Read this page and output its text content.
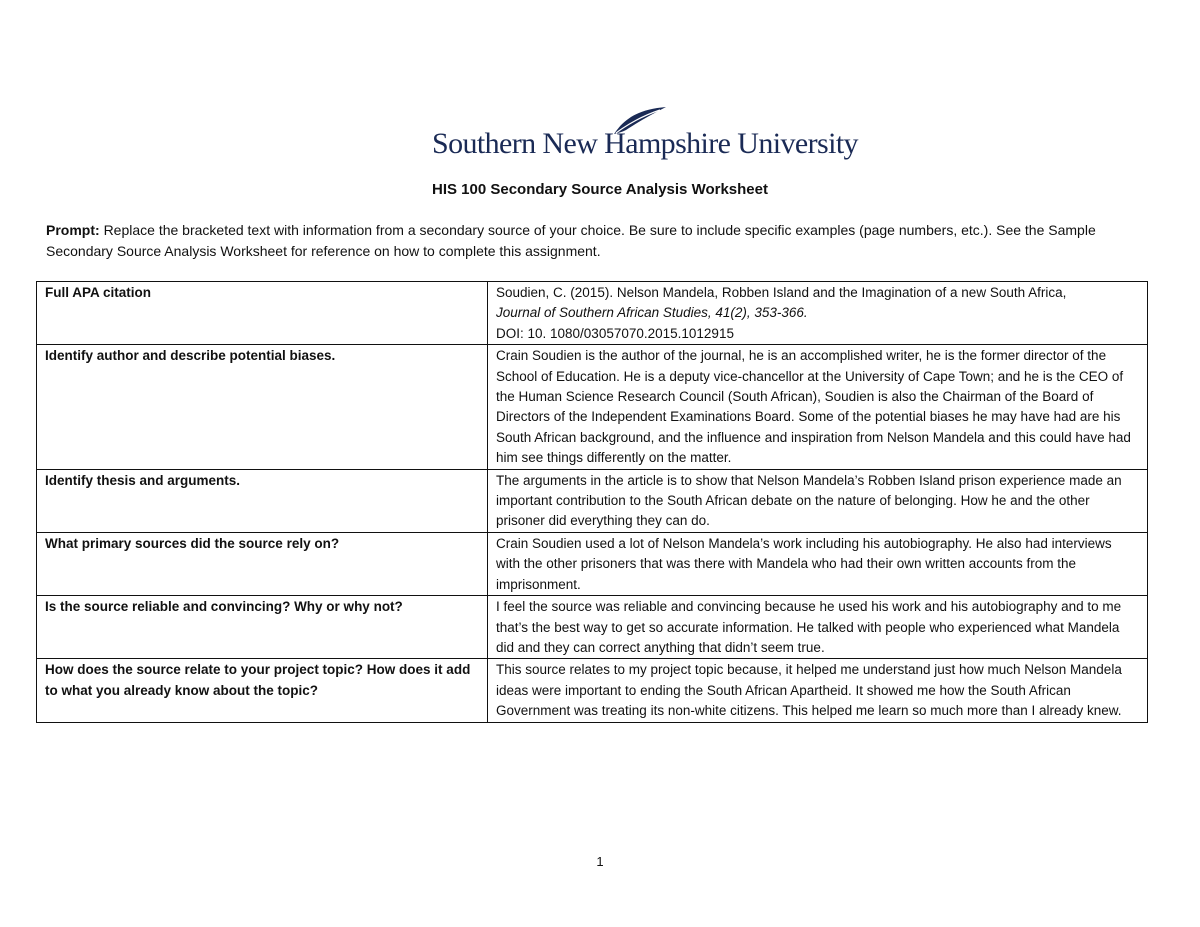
Southern New Hampshire University
HIS 100 Secondary Source Analysis Worksheet
Prompt: Replace the bracketed text with information from a secondary source of your choice. Be sure to include specific examples (page numbers, etc.). See the Sample Secondary Source Analysis Worksheet for reference on how to complete this assignment.
Full APA citation	Soudien, C. (2015). Nelson Mandela, Robben Island and the Imagination of a new South Africa,
Journal of Southern African Studies, 41(2), 353-366.
DOI: 10. 1080/03057070.2015.1012915

Identify author and describe potential biases.	Crain Soudien is the author of the journal, he is an accomplished writer, he is the former director of the School of Education. He is a deputy vice-chancellor at the University of Cape Town; and he is the CEO of the Human Science Research Council (South African), Soudien is also the Chairman of the Board of Directors of the Independent Examinations Board. Some of the potential biases he may have had are his South African background, and the influence and inspiration from Nelson Mandela and this could have had him see things differently on the matter.
Identify thesis and arguments.	The arguments in the article is to show that Nelson Mandela’s Robben Island prison experience made an important contribution to the South African debate on the nature of belonging. How he and the other prisoner did everything they can do.
What primary sources did the source rely on?	Crain Soudien used a lot of Nelson Mandela’s work including his autobiography. He also had interviews with the other prisoners that was there with Mandela who had their own written accounts from the imprisonment.
Is the source reliable and convincing? Why or why not?	I feel the source was reliable and convincing because he used his work and his autobiography and to me that’s the best way to get so accurate information. He talked with people who experienced what Mandela did and they can correct anything that didn’t seem true.
How does the source relate to your project topic? How does it add to what you already know about the topic?	This source relates to my project topic because, it helped me understand just how much Nelson Mandela ideas were important to ending the South African Apartheid. It showed me how the South African Government was treating its non-white citizens. This helped me learn so much more than I already knew.
1
